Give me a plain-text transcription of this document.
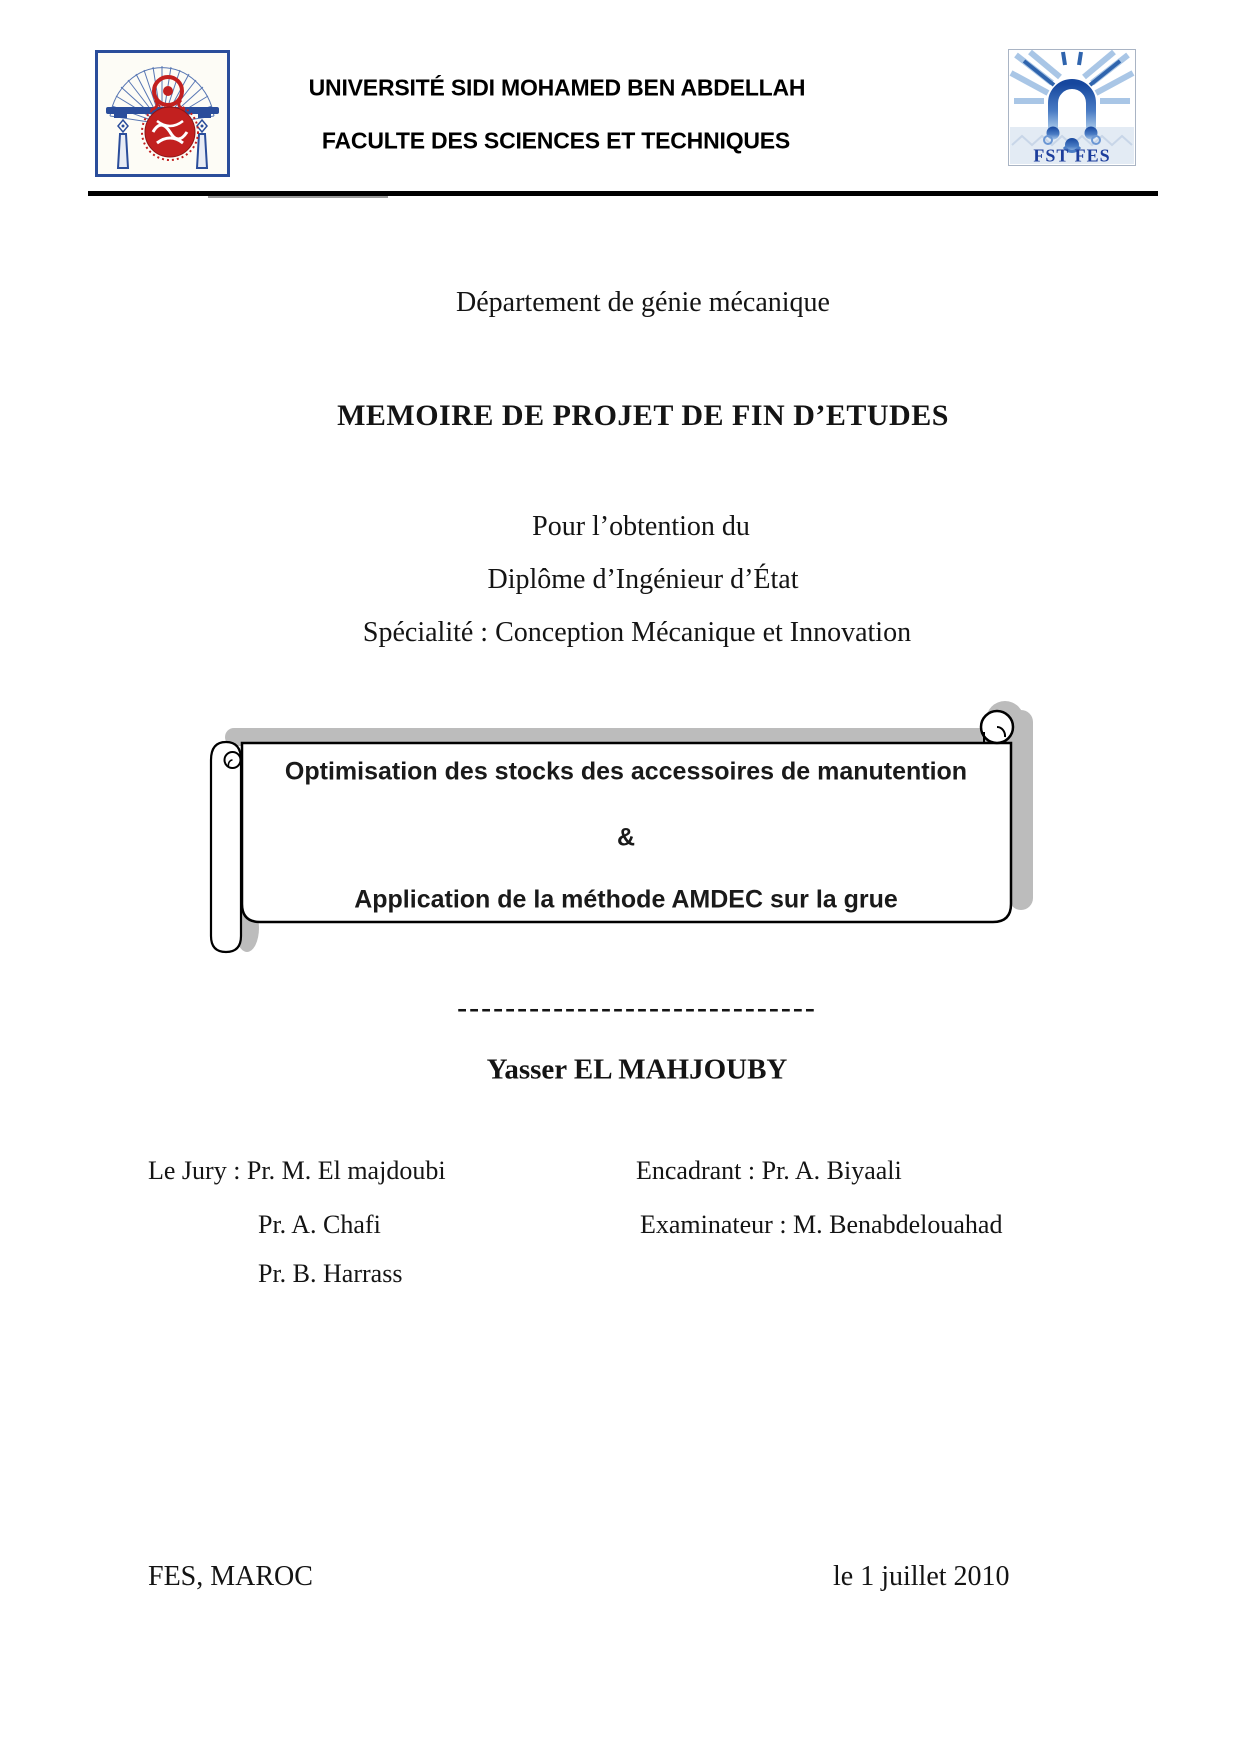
UNIVERSITÉ SIDI MOHAMED BEN ABDELLAH
FACULTE DES SCIENCES ET TECHNIQUES
FST FES
Département de génie mécanique
MEMOIRE DE PROJET DE FIN D’ETUDES
Pour l’obtention du
Diplôme d’Ingénieur d’État
Spécialité : Conception Mécanique et Innovation
Optimisation des stocks des accessoires de manutention
&
Application de la méthode AMDEC sur la grue
------------------------------
Yasser EL MAHJOUBY
Le Jury : Pr. M. El majdoubi	Encadrant : Pr. A. Biyaali
Pr. A. Chafi	Examinateur : M. Benabdelouahad
Pr. B. Harrass
FES, MAROC	le 1 juillet 2010
